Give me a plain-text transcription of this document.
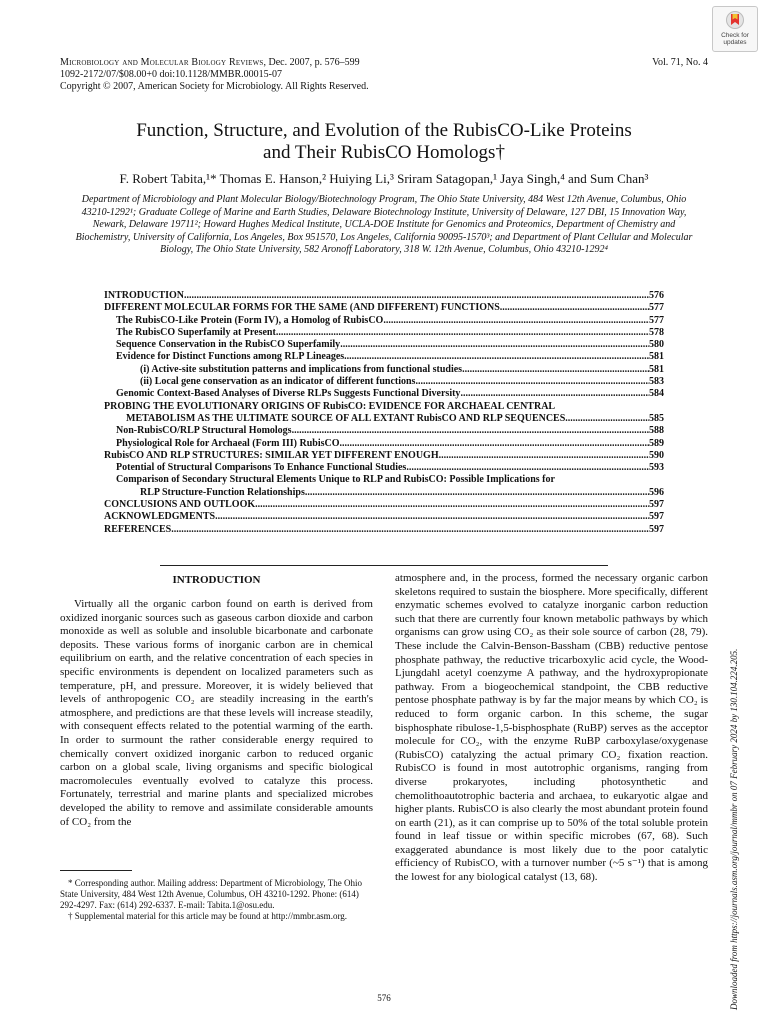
Microbiology and Molecular Biology Reviews, Dec. 2007, p. 576–599
1092-2172/07/$08.00+0 doi:10.1128/MMBR.00015-07
Copyright © 2007, American Society for Microbiology. All Rights Reserved.
Vol. 71, No. 4
Check for
updates
Function, Structure, and Evolution of the RubisCO-Like Proteins
and Their RubisCO Homologs†
F. Robert Tabita,¹* Thomas E. Hanson,² Huiying Li,³ Sriram Satagopan,¹ Jaya Singh,⁴ and Sum Chan³
Department of Microbiology and Plant Molecular Biology/Biotechnology Program, The Ohio State University, 484 West 12th Avenue, Columbus, Ohio 43210-1292¹; Graduate College of Marine and Earth Studies, Delaware Biotechnology Institute, University of Delaware, 127 DBI, 15 Innovation Way, Newark, Delaware 19711²; Howard Hughes Medical Institute, UCLA-DOE Institute for Genomics and Proteomics, Department of Chemistry and Biochemistry, University of California, Los Angeles, Box 951570, Los Angeles, California 90095-1570³; and Department of Plant Cellular and Molecular Biology, The Ohio State University, 582 Aronoff Laboratory, 318 W. 12th Avenue, Columbus, Ohio 43210-1292⁴
INTRODUCTION .....	576
DIFFERENT MOLECULAR FORMS FOR THE SAME (AND DIFFERENT) FUNCTIONS .....	577
The RubisCO-Like Protein (Form IV), a Homolog of RubisCO .....	577
The RubisCO Superfamily at Present .....	578
Sequence Conservation in the RubisCO Superfamily .....	580
Evidence for Distinct Functions among RLP Lineages .....	581
(i) Active-site substitution patterns and implications from functional studies .....	581
(ii) Local gene conservation as an indicator of different functions .....	583
Genomic Context-Based Analyses of Diverse RLPs Suggests Functional Diversity .....	584
PROBING THE EVOLUTIONARY ORIGINS OF RubisCO: EVIDENCE FOR ARCHAEAL CENTRAL
METABOLISM AS THE ULTIMATE SOURCE OF ALL EXTANT RubisCO AND RLP SEQUENCES .....	585
Non-RubisCO/RLP Structural Homologs .....	588
Physiological Role for Archaeal (Form III) RubisCO .....	589
RubisCO AND RLP STRUCTURES: SIMILAR YET DIFFERENT ENOUGH .....	590
Potential of Structural Comparisons To Enhance Functional Studies .....	593
Comparison of Secondary Structural Elements Unique to RLP and RubisCO: Possible Implications for
RLP Structure-Function Relationships .....	596
CONCLUSIONS AND OUTLOOK .....	597
ACKNOWLEDGMENTS .....	597
REFERENCES .....	597
INTRODUCTION
Virtually all the organic carbon found on earth is derived from oxidized inorganic sources such as gaseous carbon dioxide and carbon monoxide as well as soluble and insoluble bicarbonate and carbonate deposits. These various forms of inorganic carbon are in chemical equilibrium on earth, and the relative concentration of each species in specific environments is dependent on localized parameters such as temperature, pH, and pressure. Moreover, it is widely believed that levels of anthropogenic CO₂ are steadily increasing in the earth's atmosphere, and predictions are that these levels will increase steadily, with consequent effects related to the potential warming of the earth. In order to surmount the rather considerable energy required to chemically convert oxidized inorganic carbon to reduced organic carbon on a global scale, living organisms and specific biological macromolecules eventually evolved to catalyze this process. Fortunately, terrestrial and marine plants and specialized microbes developed the ability to remove and assimilate considerable amounts of CO₂ from the
atmosphere and, in the process, formed the necessary organic carbon skeletons required to sustain the biosphere. More specifically, different enzymatic schemes evolved to catalyze inorganic carbon reduction such that there are currently four known metabolic pathways by which organisms can grow using CO₂ as their sole source of carbon (28, 79). These include the Calvin-Benson-Bassham (CBB) reductive pentose phosphate pathway, the reductive tricarboxylic acid cycle, the Wood-Ljungdahl acetyl coenzyme A pathway, and the hydroxypropionate pathway. From a biogeochemical standpoint, the CBB reductive pentose phosphate pathway is by far the major means by which CO₂ is reduced to form organic carbon. In this scheme, the sugar bisphosphate ribulose-1,5-bisphosphate (RuBP) serves as the acceptor molecule for CO₂, with the enzyme RuBP carboxylase/oxygenase (RubisCO) catalyzing the actual primary CO₂ fixation reaction. RubisCO is found in most autotrophic organisms, ranging from diverse prokaryotes, including photosynthetic and chemolithoautotrophic bacteria and archaea, to eukaryotic algae and higher plants. RubisCO is also clearly the most abundant protein found on earth (21), as it can comprise up to 50% of the total soluble protein found in leaf tissue or within specific microbes (67, 68). Such exaggerated abundance is most likely due to the poor catalytic efficiency of RubisCO, with a turnover number (~5 s⁻¹) that is among the lowest for any biological catalyst (13, 68).

* Corresponding author. Mailing address: Department of Microbiology, The Ohio State University, 484 West 12th Avenue, Columbus, OH 43210-1292. Phone: (614) 292-4297. Fax: (614) 292-6337. E-mail: Tabita.1@osu.edu.

† Supplemental material for this article may be found at http://mmbr.asm.org.

576	Downloaded from https://journals.asm.org/journal/mmbr on 07 February 2024 by 130.104.224.205.
